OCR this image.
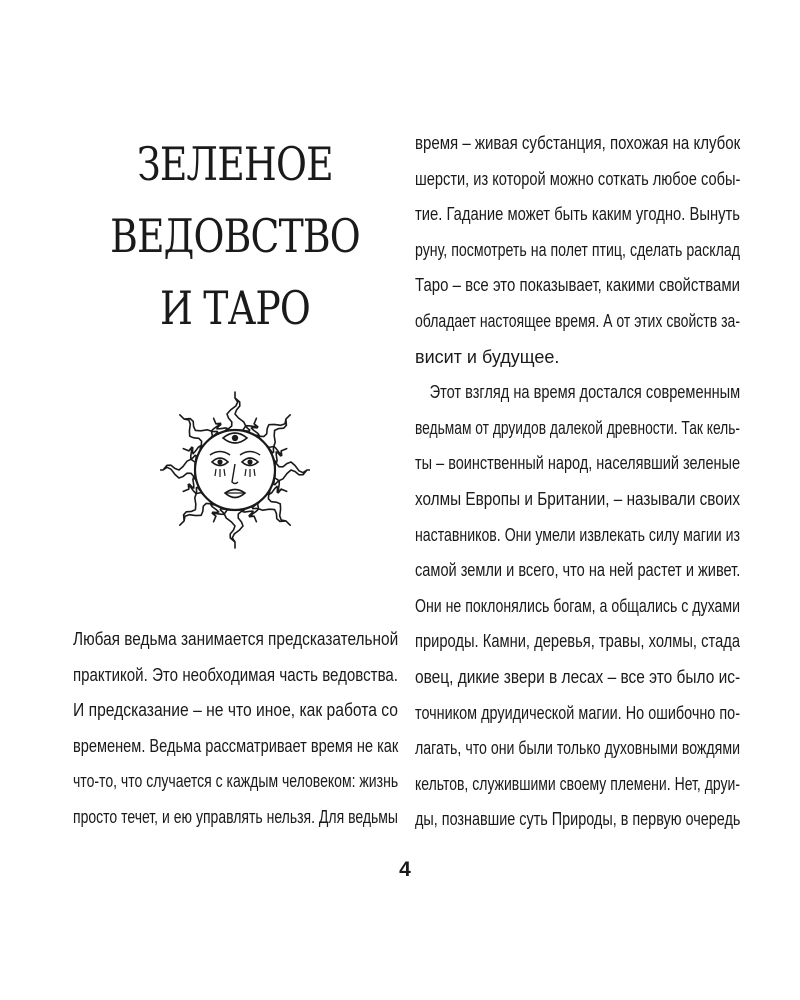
ЗЕЛЕНОЕ
ВЕДОВСТВО
И ТАРО
Любая ведьма занимается предсказательной
практикой. Это необходимая часть ведовства.
И предсказание – не что иное, как работа со
временем. Ведьма рассматривает время не как
что-то, что случается с каждым человеком: жизнь
просто течет, и ею управлять нельзя. Для ведьмы
время – живая субстанция, похожая на клубок
шерсти, из которой можно соткать любое собы-
тие. Гадание может быть каким угодно. Вынуть
руну, посмотреть на полет птиц, сделать расклад
Таро – все это показывает, какими свойствами
обладает настоящее время. А от этих свойств за-
висит и будущее.
Этот взгляд на время достался современным
ведьмам от друидов далекой древности. Так кель-
ты – воинственный народ, населявший зеленые
холмы Европы и Британии, – называли своих
наставников. Они умели извлекать силу магии из
самой земли и всего, что на ней растет и живет.
Они не поклонялись богам, а общались с духами
природы. Камни, деревья, травы, холмы, стада
овец, дикие звери в лесах – все это было ис-
точником друидической магии. Но ошибочно по-
лагать, что они были только духовными вождями
кельтов, служившими своему племени. Нет, друи-
ды, познавшие суть Природы, в первую очередь
4
